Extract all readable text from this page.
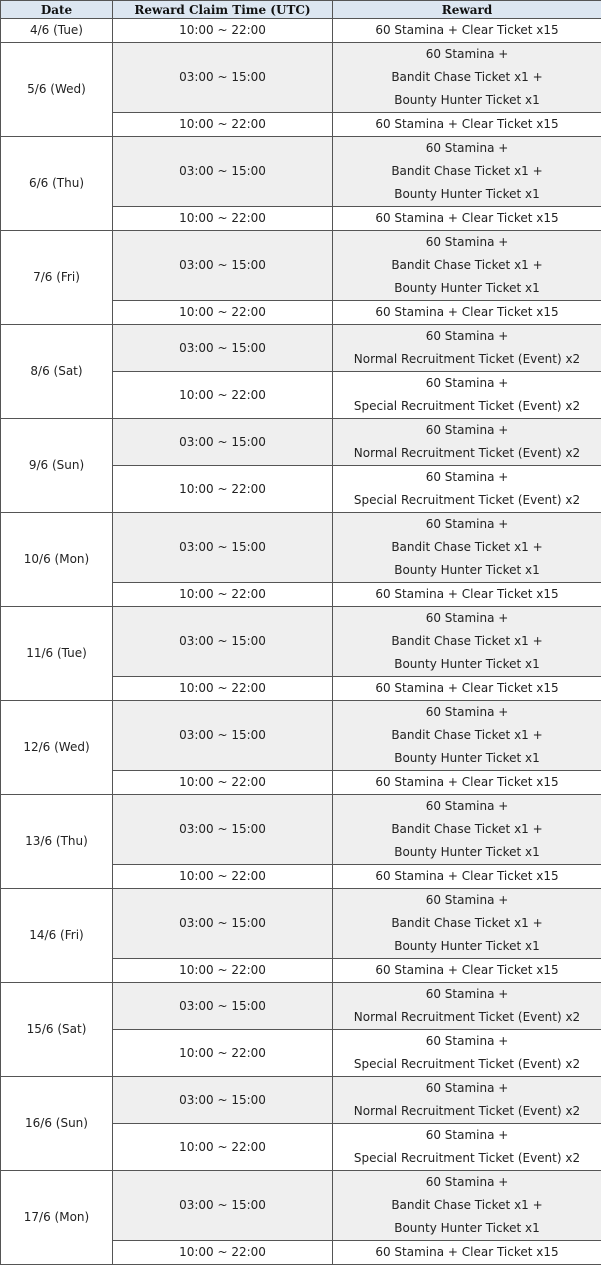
Date	Reward Claim Time (UTC)	Reward
4/6 (Tue)	10:00 ~ 22:00	60 Stamina + Clear Ticket x15

5/6 (Wed)	03:00 ~ 15:00	60 Stamina +
Bandit Chase Ticket x1 +
Bounty Hunter Ticket x1

	10:00 ~ 22:00	60 Stamina + Clear Ticket x15

6/6 (Thu)	03:00 ~ 15:00	60 Stamina +
Bandit Chase Ticket x1 +
Bounty Hunter Ticket x1

	10:00 ~ 22:00	60 Stamina + Clear Ticket x15

7/6 (Fri)	03:00 ~ 15:00	60 Stamina +
Bandit Chase Ticket x1 +
Bounty Hunter Ticket x1

	10:00 ~ 22:00	60 Stamina + Clear Ticket x15

8/6 (Sat)	03:00 ~ 15:00	60 Stamina +
Normal Recruitment Ticket (Event) x2

	10:00 ~ 22:00	60 Stamina +
Special Recruitment Ticket (Event) x2

9/6 (Sun)	03:00 ~ 15:00	60 Stamina +
Normal Recruitment Ticket (Event) x2

	10:00 ~ 22:00	60 Stamina +
Special Recruitment Ticket (Event) x2

10/6 (Mon)	03:00 ~ 15:00	60 Stamina +
Bandit Chase Ticket x1 +
Bounty Hunter Ticket x1

	10:00 ~ 22:00	60 Stamina + Clear Ticket x15

11/6 (Tue)	03:00 ~ 15:00	60 Stamina +
Bandit Chase Ticket x1 +
Bounty Hunter Ticket x1

	10:00 ~ 22:00	60 Stamina + Clear Ticket x15

12/6 (Wed)	03:00 ~ 15:00	60 Stamina +
Bandit Chase Ticket x1 +
Bounty Hunter Ticket x1

	10:00 ~ 22:00	60 Stamina + Clear Ticket x15

13/6 (Thu)	03:00 ~ 15:00	60 Stamina +
Bandit Chase Ticket x1 +
Bounty Hunter Ticket x1

	10:00 ~ 22:00	60 Stamina + Clear Ticket x15

14/6 (Fri)	03:00 ~ 15:00	60 Stamina +
Bandit Chase Ticket x1 +
Bounty Hunter Ticket x1

	10:00 ~ 22:00	60 Stamina + Clear Ticket x15

15/6 (Sat)	03:00 ~ 15:00	60 Stamina +
Normal Recruitment Ticket (Event) x2

	10:00 ~ 22:00	60 Stamina +
Special Recruitment Ticket (Event) x2

16/6 (Sun)	03:00 ~ 15:00	60 Stamina +
Normal Recruitment Ticket (Event) x2

	10:00 ~ 22:00	60 Stamina +
Special Recruitment Ticket (Event) x2

17/6 (Mon)	03:00 ~ 15:00	60 Stamina +
Bandit Chase Ticket x1 +
Bounty Hunter Ticket x1

	10:00 ~ 22:00	60 Stamina + Clear Ticket x15
